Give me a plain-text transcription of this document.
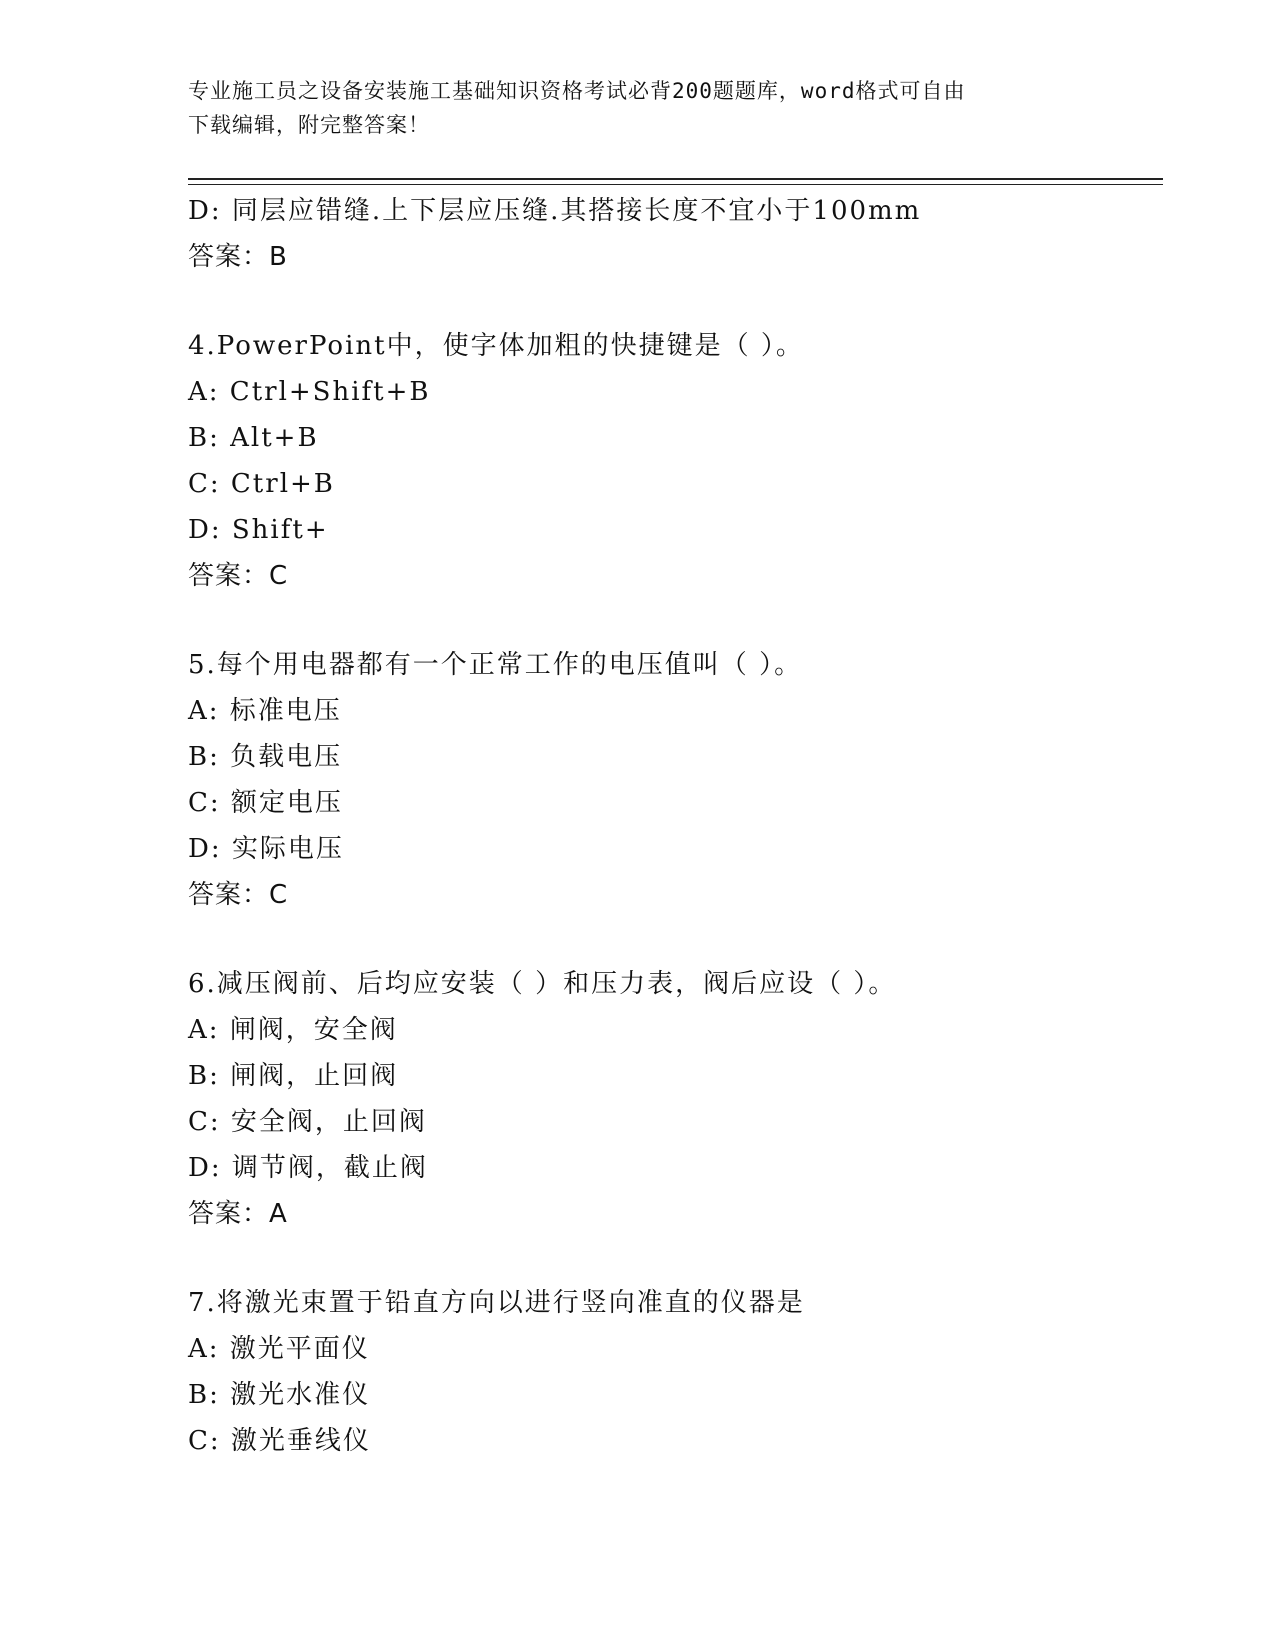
专业施工员之设备安装施工基础知识资格考试必背200题题库，word格式可自由
下载编辑，附完整答案！
D: 同层应错缝.上下层应压缝.其搭接长度不宜小于100mm
答案：B
4.PowerPoint中，使字体加粗的快捷键是（ ）。
A: Ctrl+Shift+B
B: Alt+B
C: Ctrl+B
D: Shift+
答案：C
5.每个用电器都有一个正常工作的电压值叫（ ）。
A: 标准电压
B: 负载电压
C: 额定电压
D: 实际电压
答案：C
6.减压阀前、后均应安装（ ）和压力表，阀后应设（ ）。
A: 闸阀，安全阀
B: 闸阀，止回阀
C: 安全阀，止回阀
D: 调节阀，截止阀
答案：A
7.将激光束置于铅直方向以进行竖向准直的仪器是
A: 激光平面仪
B: 激光水准仪
C: 激光垂线仪
